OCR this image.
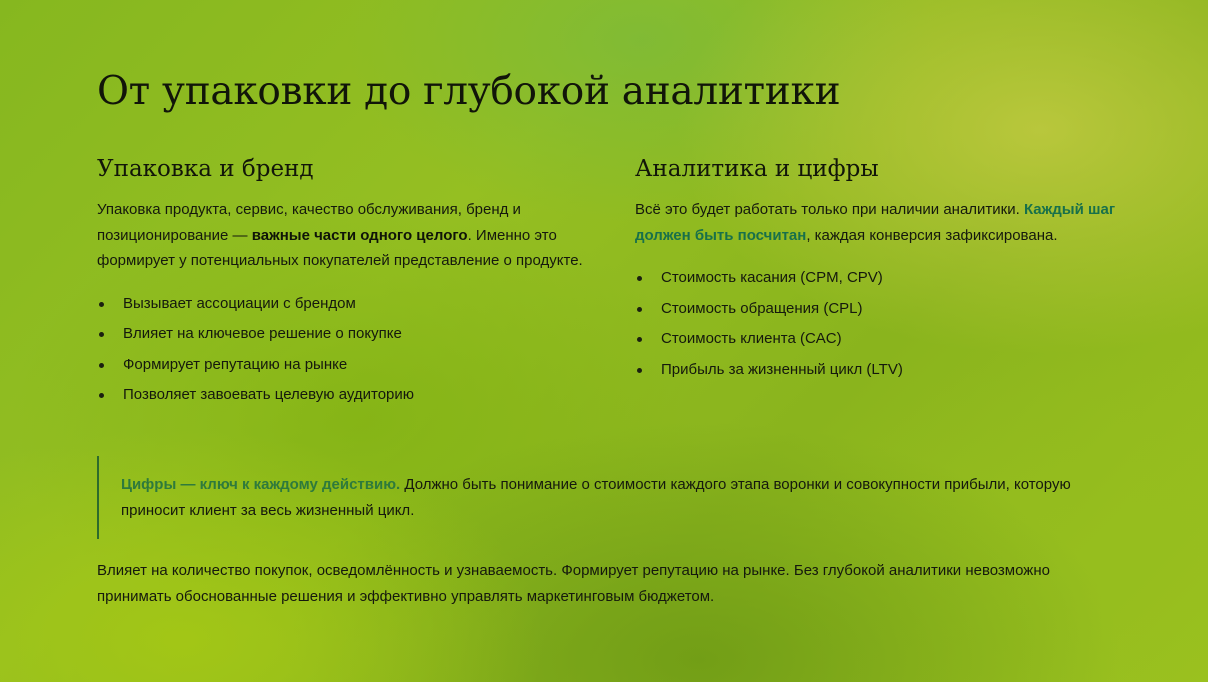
От упаковки до глубокой аналитики
Упаковка и бренд

Упаковка продукта, сервис, качество обслуживания, бренд и позиционирование — важные части одного целого. Именно это формирует у потенциальных покупателей представление о продукте.

Вызывает ассоциации с брендом
Влияет на ключевое решение о покупке
Формирует репутацию на рынке
Позволяет завоевать целевую аудиторию
Аналитика и цифры

Всё это будет работать только при наличии аналитики. Каждый шаг должен быть посчитан, каждая конверсия зафиксирована.

Стоимость касания (CPM, CPV)
Стоимость обращения (CPL)
Стоимость клиента (CAC)
Прибыль за жизненный цикл (LTV)
Цифры — ключ к каждому действию. Должно быть понимание о стоимости каждого этапа воронки и совокупности прибыли, которую приносит клиент за весь жизненный цикл.

Влияет на количество покупок, осведомлённость и узнаваемость. Формирует репутацию на рынке. Без глубокой аналитики невозможно принимать обоснованные решения и эффективно управлять маркетинговым бюджетом.
